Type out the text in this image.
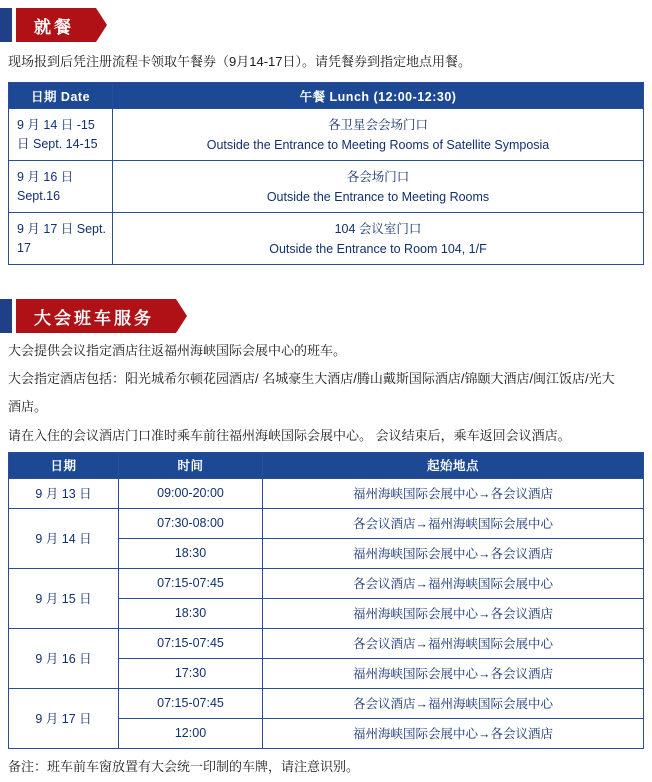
就餐
现场报到后凭注册流程卡领取午餐券（9月14-17日）。请凭餐券到指定地点用餐。
日期 Date	午餐 Lunch (12:00-12:30)
9 月 14 日 -15 日 Sept. 14-15	各卫星会会场门口
Outside the Entrance to Meeting Rooms of Satellite Symposia

9 月 16 日 Sept.16	各会场门口
Outside the Entrance to Meeting Rooms

9 月 17 日 Sept. 17	104 会议室门口
Outside the Entrance to Room 104, 1/F
大会班车服务
大会提供会议指定酒店往返福州海峡国际会展中心的班车。
大会指定酒店包括：阳光城希尔顿花园酒店/ 名城豪生大酒店/腾山戴斯国际酒店/锦颐大酒店/闽江饭店/光大
酒店。
请在入住的会议酒店门口准时乘车前往福州海峡国际会展中心。 会议结束后，乘车返回会议酒店。
日期	时间	起始地点
9 月 13 日	09:00-20:00	福州海峡国际会展中心→各会议酒店
9 月 14 日	07:30-08:00	各会议酒店→福州海峡国际会展中心
	18:30	福州海峡国际会展中心→各会议酒店
9 月 15 日	07:15-07:45	各会议酒店→福州海峡国际会展中心
	18:30	福州海峡国际会展中心→各会议酒店
9 月 16 日	07:15-07:45	各会议酒店→福州海峡国际会展中心
	17:30	福州海峡国际会展中心→各会议酒店
9 月 17 日	07:15-07:45	各会议酒店→福州海峡国际会展中心
	12:00	福州海峡国际会展中心→各会议酒店
备注：班车前车窗放置有大会统一印制的车牌，请注意识别。
